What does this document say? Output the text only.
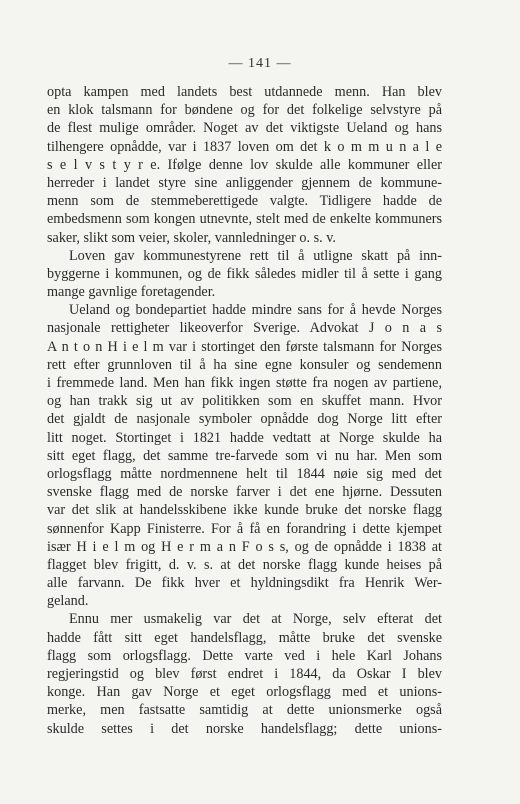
— 141 —
opta kampen med landets best utdannede menn. Han blev
en klok talsmann for bøndene og for det folkelige selvstyre på
de flest mulige områder. Noget av det viktigste Ueland og hans
tilhengere opnådde, var i 1837 loven om det k o m m u n a l e
s e l v s t y r e. Ifølge denne lov skulde alle kommuner eller
herreder i landet styre sine anliggender gjennem de kommune-
menn som de stemmeberettigede valgte. Tidligere hadde de
embedsmenn som kongen utnevnte, stelt med de enkelte kommuners
saker, slikt som veier, skoler, vannledninger o. s. v.
Loven gav kommunestyrene rett til å utligne skatt på inn-
byggerne i kommunen, og de fikk således midler til å sette i gang
mange gavnlige foretagender.
Ueland og bondepartiet hadde mindre sans for å hevde Norges
nasjonale rettigheter likeoverfor Sverige. Advokat J o n a s
A n t o n H i e l m var i stortinget den første talsmann for Norges
rett efter grunnloven til å ha sine egne konsuler og sendemenn
i fremmede land. Men han fikk ingen støtte fra nogen av partiene,
og han trakk sig ut av politikken som en skuffet mann. Hvor
det gjaldt de nasjonale symboler opnådde dog Norge litt efter
litt noget. Stortinget i 1821 hadde vedtatt at Norge skulde ha
sitt eget flagg, det samme tre-farvede som vi nu har. Men som
orlogsflagg måtte nordmennene helt til 1844 nøie sig med det
svenske flagg med de norske farver i det ene hjørne. Dessuten
var det slik at handelsskibene ikke kunde bruke det norske flagg
sønnenfor Kapp Finisterre. For å få en forandring i dette kjempet
især H i e l m og H e r m a n F o s s, og de opnådde i 1838 at
flagget blev frigitt, d. v. s. at det norske flagg kunde heises på
alle farvann. De fikk hver et hyldningsdikt fra Henrik Wer-
geland.
Ennu mer usmakelig var det at Norge, selv efterat det
hadde fått sitt eget handelsflagg, måtte bruke det svenske
flagg som orlogsflagg. Dette varte ved i hele Karl Johans
regjeringstid og blev først endret i 1844, da Oskar I blev
konge. Han gav Norge et eget orlogsflagg med et unions-
merke, men fastsatte samtidig at dette unionsmerke også
skulde settes i det norske handelsflagg; dette unions-
